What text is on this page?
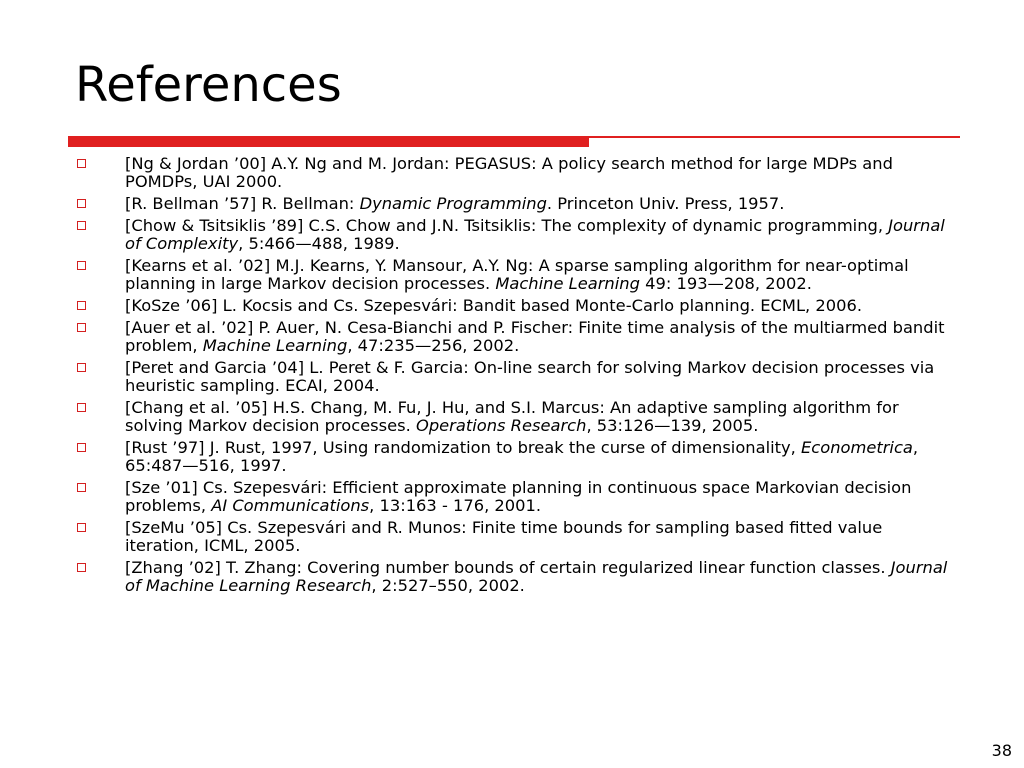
References
[Ng & Jordan ’00] A.Y. Ng and M. Jordan: PEGASUS: A policy search method for large MDPs and POMDPs, UAI 2000.
[R. Bellman ’57] R. Bellman: Dynamic Programming. Princeton Univ. Press, 1957.
[Chow & Tsitsiklis ’89] C.S. Chow and J.N. Tsitsiklis: The complexity of dynamic programming, Journal of Complexity, 5:466—488, 1989.
[Kearns et al. ’02] M.J. Kearns, Y. Mansour, A.Y. Ng: A sparse sampling algorithm for near-optimal planning in large Markov decision processes. Machine Learning 49: 193—208, 2002.
[KoSze ’06] L. Kocsis and Cs. Szepesvári: Bandit based Monte-Carlo planning. ECML, 2006.
[Auer et al. ’02] P. Auer, N. Cesa-Bianchi and P. Fischer: Finite time analysis of the multiarmed bandit problem, Machine Learning, 47:235—256, 2002.
[Peret and Garcia ’04] L. Peret & F. Garcia: On-line search for solving Markov decision processes via heuristic sampling. ECAI, 2004.
[Chang et al. ’05] H.S. Chang, M. Fu, J. Hu, and S.I. Marcus: An adaptive sampling algorithm for solving Markov decision processes. Operations Research, 53:126—139, 2005.
[Rust ’97] J. Rust, 1997, Using randomization to break the curse of dimensionality, Econometrica, 65:487—516, 1997.
[Sze ’01] Cs. Szepesvári: Efficient approximate planning in continuous space Markovian decision problems, AI Communications, 13:163 - 176, 2001.
[SzeMu ’05] Cs. Szepesvári and R. Munos: Finite time bounds for sampling based fitted value iteration, ICML, 2005.
[Zhang ’02] T. Zhang: Covering number bounds of certain regularized linear function classes. Journal of Machine Learning Research, 2:527–550, 2002.
38
